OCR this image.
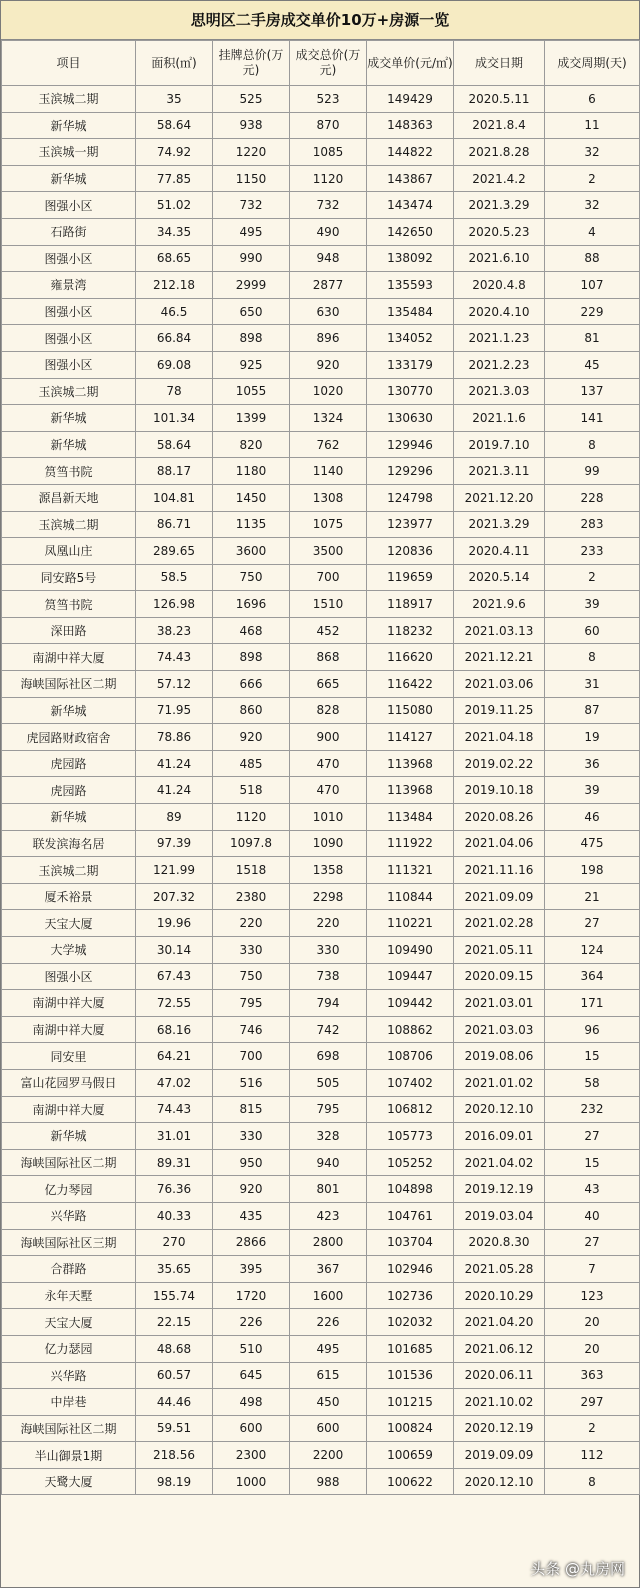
思明区二手房成交单价10万+房源一览
项目	面积(㎡)	挂牌总价(万元)	成交总价(万元)	成交单价(元/㎡)	成交日期	成交周期(天)
玉滨城二期	35	525	523	149429	2020.5.11	6
新华城	58.64	938	870	148363	2021.8.4	11
玉滨城一期	74.92	1220	1085	144822	2021.8.28	32
新华城	77.85	1150	1120	143867	2021.4.2	2
图强小区	51.02	732	732	143474	2021.3.29	32
石路街	34.35	495	490	142650	2020.5.23	4
图强小区	68.65	990	948	138092	2021.6.10	88
雍景湾	212.18	2999	2877	135593	2020.4.8	107
图强小区	46.5	650	630	135484	2020.4.10	229
图强小区	66.84	898	896	134052	2021.1.23	81
图强小区	69.08	925	920	133179	2021.2.23	45
玉滨城二期	78	1055	1020	130770	2021.3.03	137
新华城	101.34	1399	1324	130630	2021.1.6	141
新华城	58.64	820	762	129946	2019.7.10	8
筼筜书院	88.17	1180	1140	129296	2021.3.11	99
源昌新天地	104.81	1450	1308	124798	2021.12.20	228
玉滨城二期	86.71	1135	1075	123977	2021.3.29	283
凤凰山庄	289.65	3600	3500	120836	2020.4.11	233
同安路5号	58.5	750	700	119659	2020.5.14	2
筼筜书院	126.98	1696	1510	118917	2021.9.6	39
深田路	38.23	468	452	118232	2021.03.13	60
南湖中祥大厦	74.43	898	868	116620	2021.12.21	8
海峡国际社区二期	57.12	666	665	116422	2021.03.06	31
新华城	71.95	860	828	115080	2019.11.25	87
虎园路财政宿舍	78.86	920	900	114127	2021.04.18	19
虎园路	41.24	485	470	113968	2019.02.22	36
虎园路	41.24	518	470	113968	2019.10.18	39
新华城	89	1120	1010	113484	2020.08.26	46
联发滨海名居	97.39	1097.8	1090	111922	2021.04.06	475
玉滨城二期	121.99	1518	1358	111321	2021.11.16	198
厦禾裕景	207.32	2380	2298	110844	2021.09.09	21
天宝大厦	19.96	220	220	110221	2021.02.28	27
大学城	30.14	330	330	109490	2021.05.11	124
图强小区	67.43	750	738	109447	2020.09.15	364
南湖中祥大厦	72.55	795	794	109442	2021.03.01	171
南湖中祥大厦	68.16	746	742	108862	2021.03.03	96
同安里	64.21	700	698	108706	2019.08.06	15
富山花园罗马假日	47.02	516	505	107402	2021.01.02	58
南湖中祥大厦	74.43	815	795	106812	2020.12.10	232
新华城	31.01	330	328	105773	2016.09.01	27
海峡国际社区二期	89.31	950	940	105252	2021.04.02	15
亿力琴园	76.36	920	801	104898	2019.12.19	43
兴华路	40.33	435	423	104761	2019.03.04	40
海峡国际社区三期	270	2866	2800	103704	2020.8.30	27
合群路	35.65	395	367	102946	2021.05.28	7
永年天墅	155.74	1720	1600	102736	2020.10.29	123
天宝大厦	22.15	226	226	102032	2021.04.20	20
亿力瑟园	48.68	510	495	101685	2021.06.12	20
兴华路	60.57	645	615	101536	2020.06.11	363
中岸巷	44.46	498	450	101215	2021.10.02	297
海峡国际社区二期	59.51	600	600	100824	2020.12.19	2
半山御景1期	218.56	2300	2200	100659	2019.09.09	112
天鹭大厦	98.19	1000	988	100622	2020.12.10	8
头条 @丸房网
